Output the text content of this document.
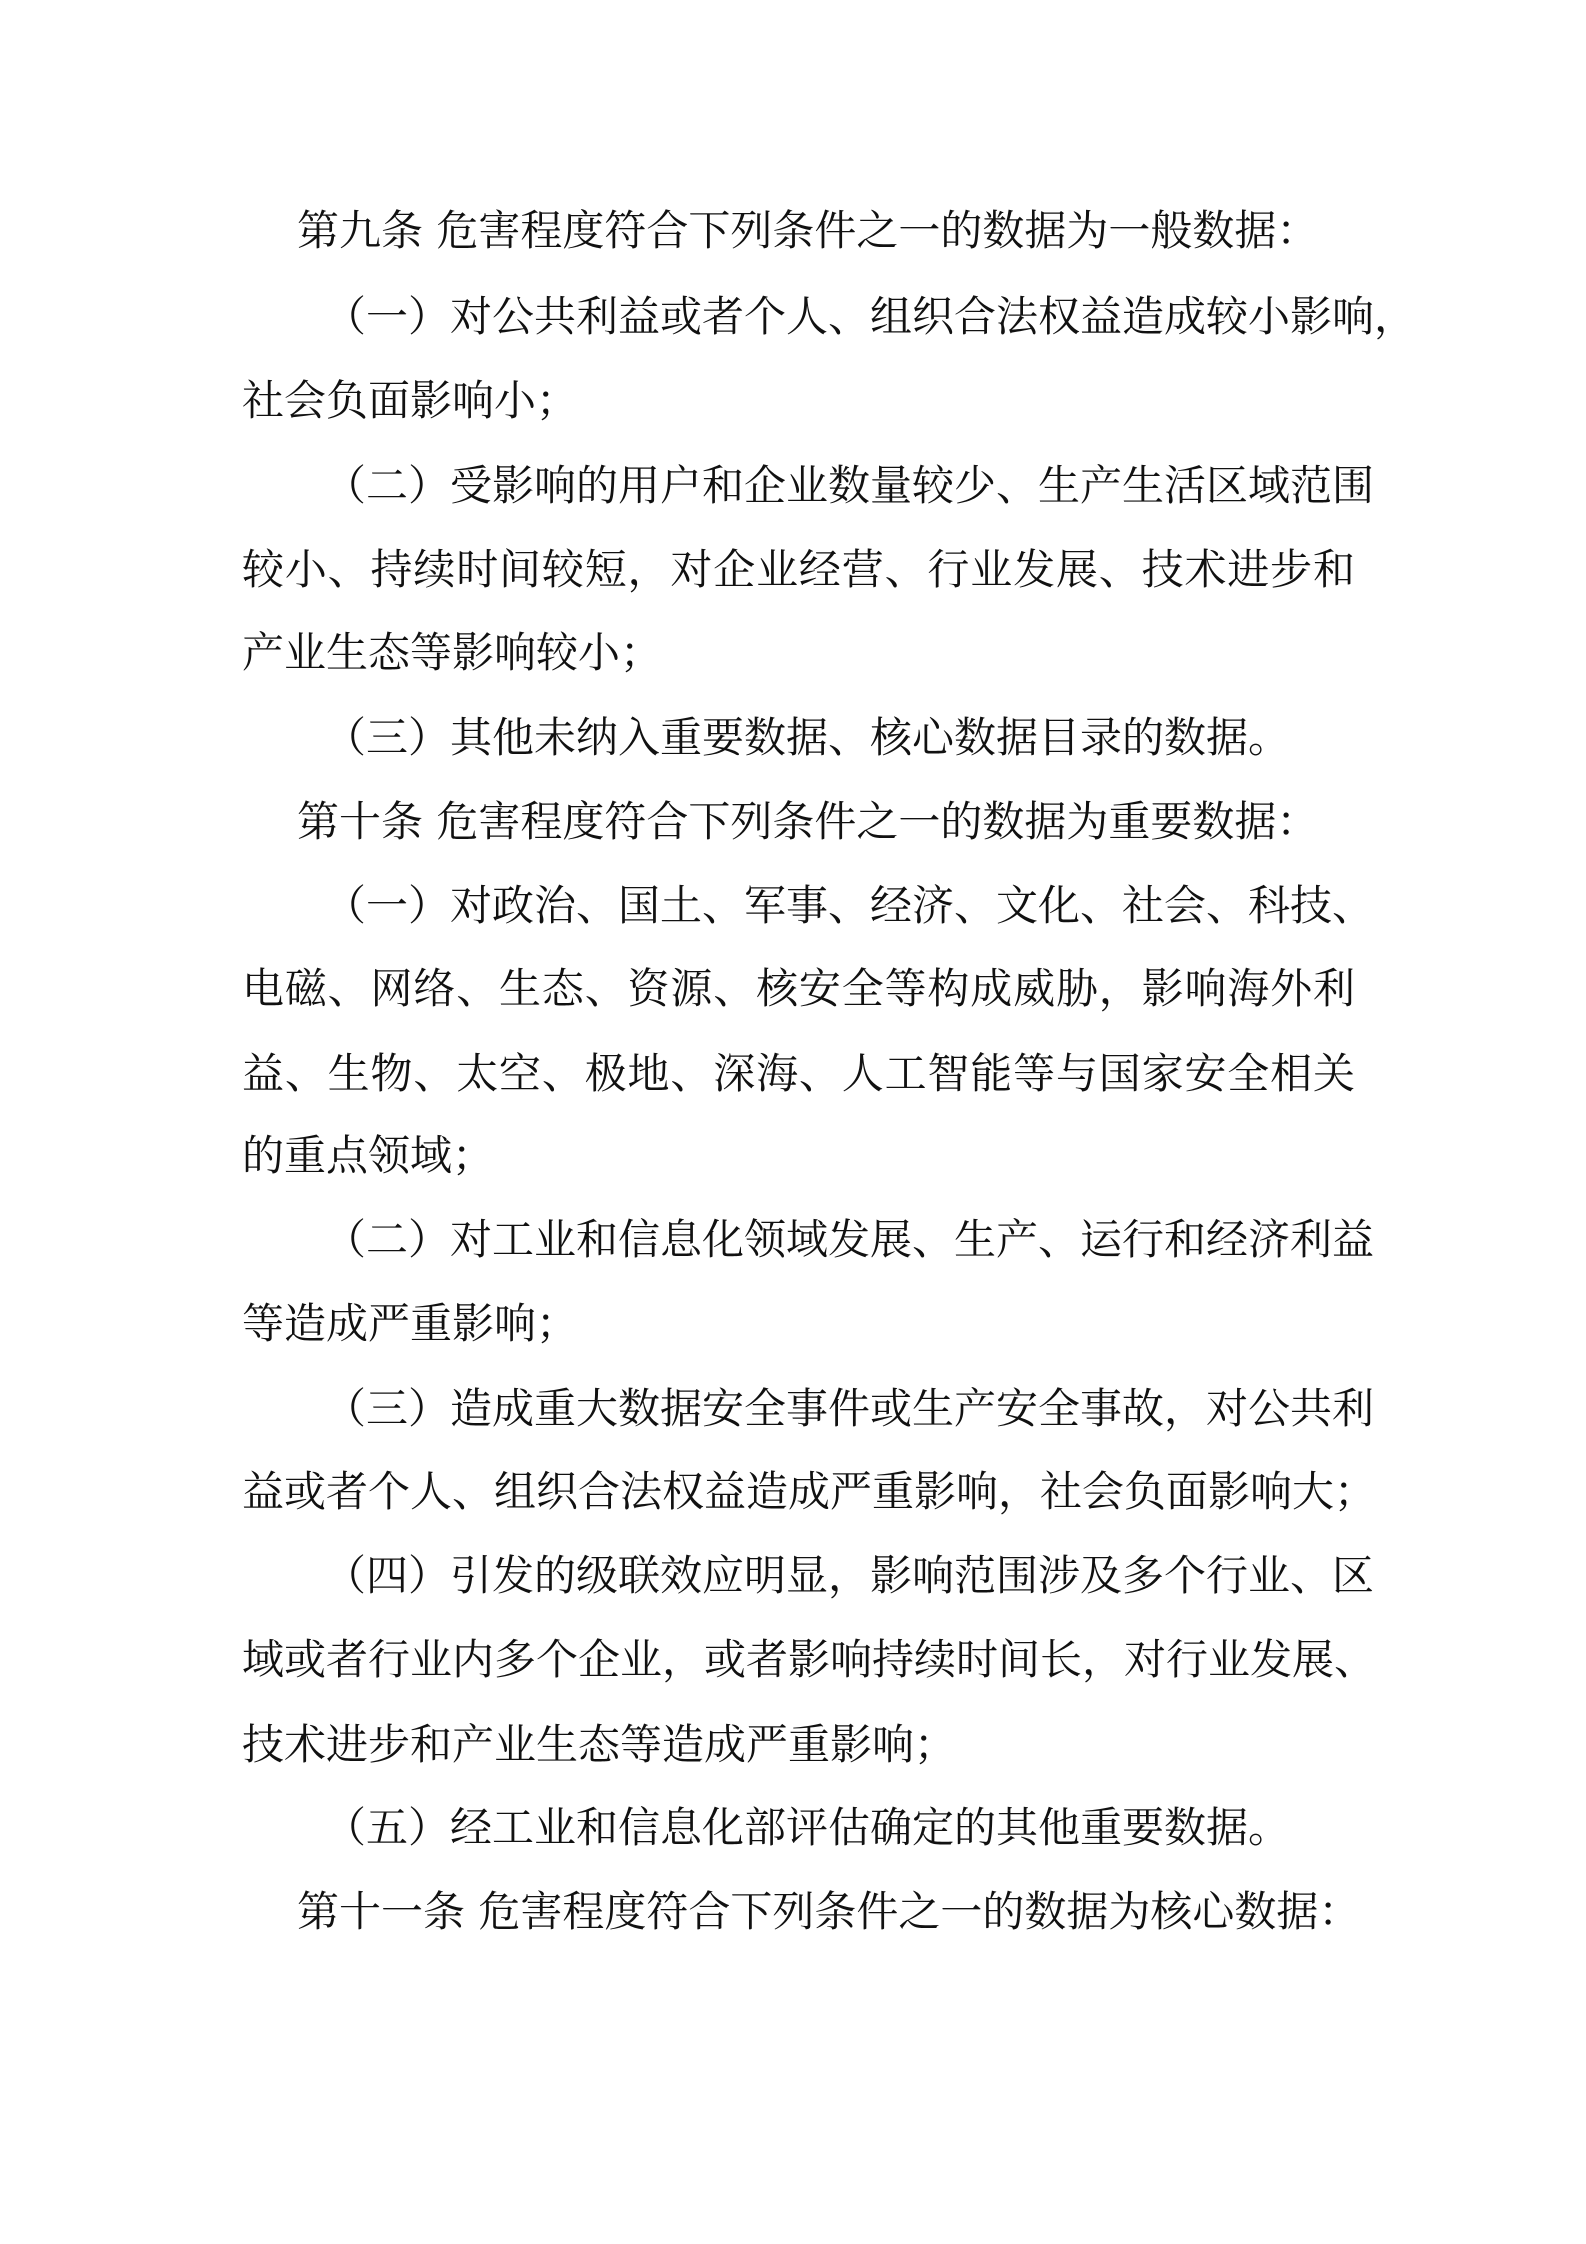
第九条 危害程度符合下列条件之一的数据为一般数据：
（一）对公共利益或者个人、组织合法权益造成较小影响，
社会负面影响小；
（二）受影响的用户和企业数量较少、生产生活区域范围
较小、持续时间较短，对企业经营、行业发展、技术进步和
产业生态等影响较小；
（三）其他未纳入重要数据、核心数据目录的数据。
第十条 危害程度符合下列条件之一的数据为重要数据：
（一）对政治、国土、军事、经济、文化、社会、科技、
电磁、网络、生态、资源、核安全等构成威胁，影响海外利
益、生物、太空、极地、深海、人工智能等与国家安全相关
的重点领域；
（二）对工业和信息化领域发展、生产、运行和经济利益
等造成严重影响；
（三）造成重大数据安全事件或生产安全事故，对公共利
益或者个人、组织合法权益造成严重影响，社会负面影响大；
（四）引发的级联效应明显，影响范围涉及多个行业、区
域或者行业内多个企业，或者影响持续时间长，对行业发展、
技术进步和产业生态等造成严重影响；
（五）经工业和信息化部评估确定的其他重要数据。
第十一条 危害程度符合下列条件之一的数据为核心数据：
